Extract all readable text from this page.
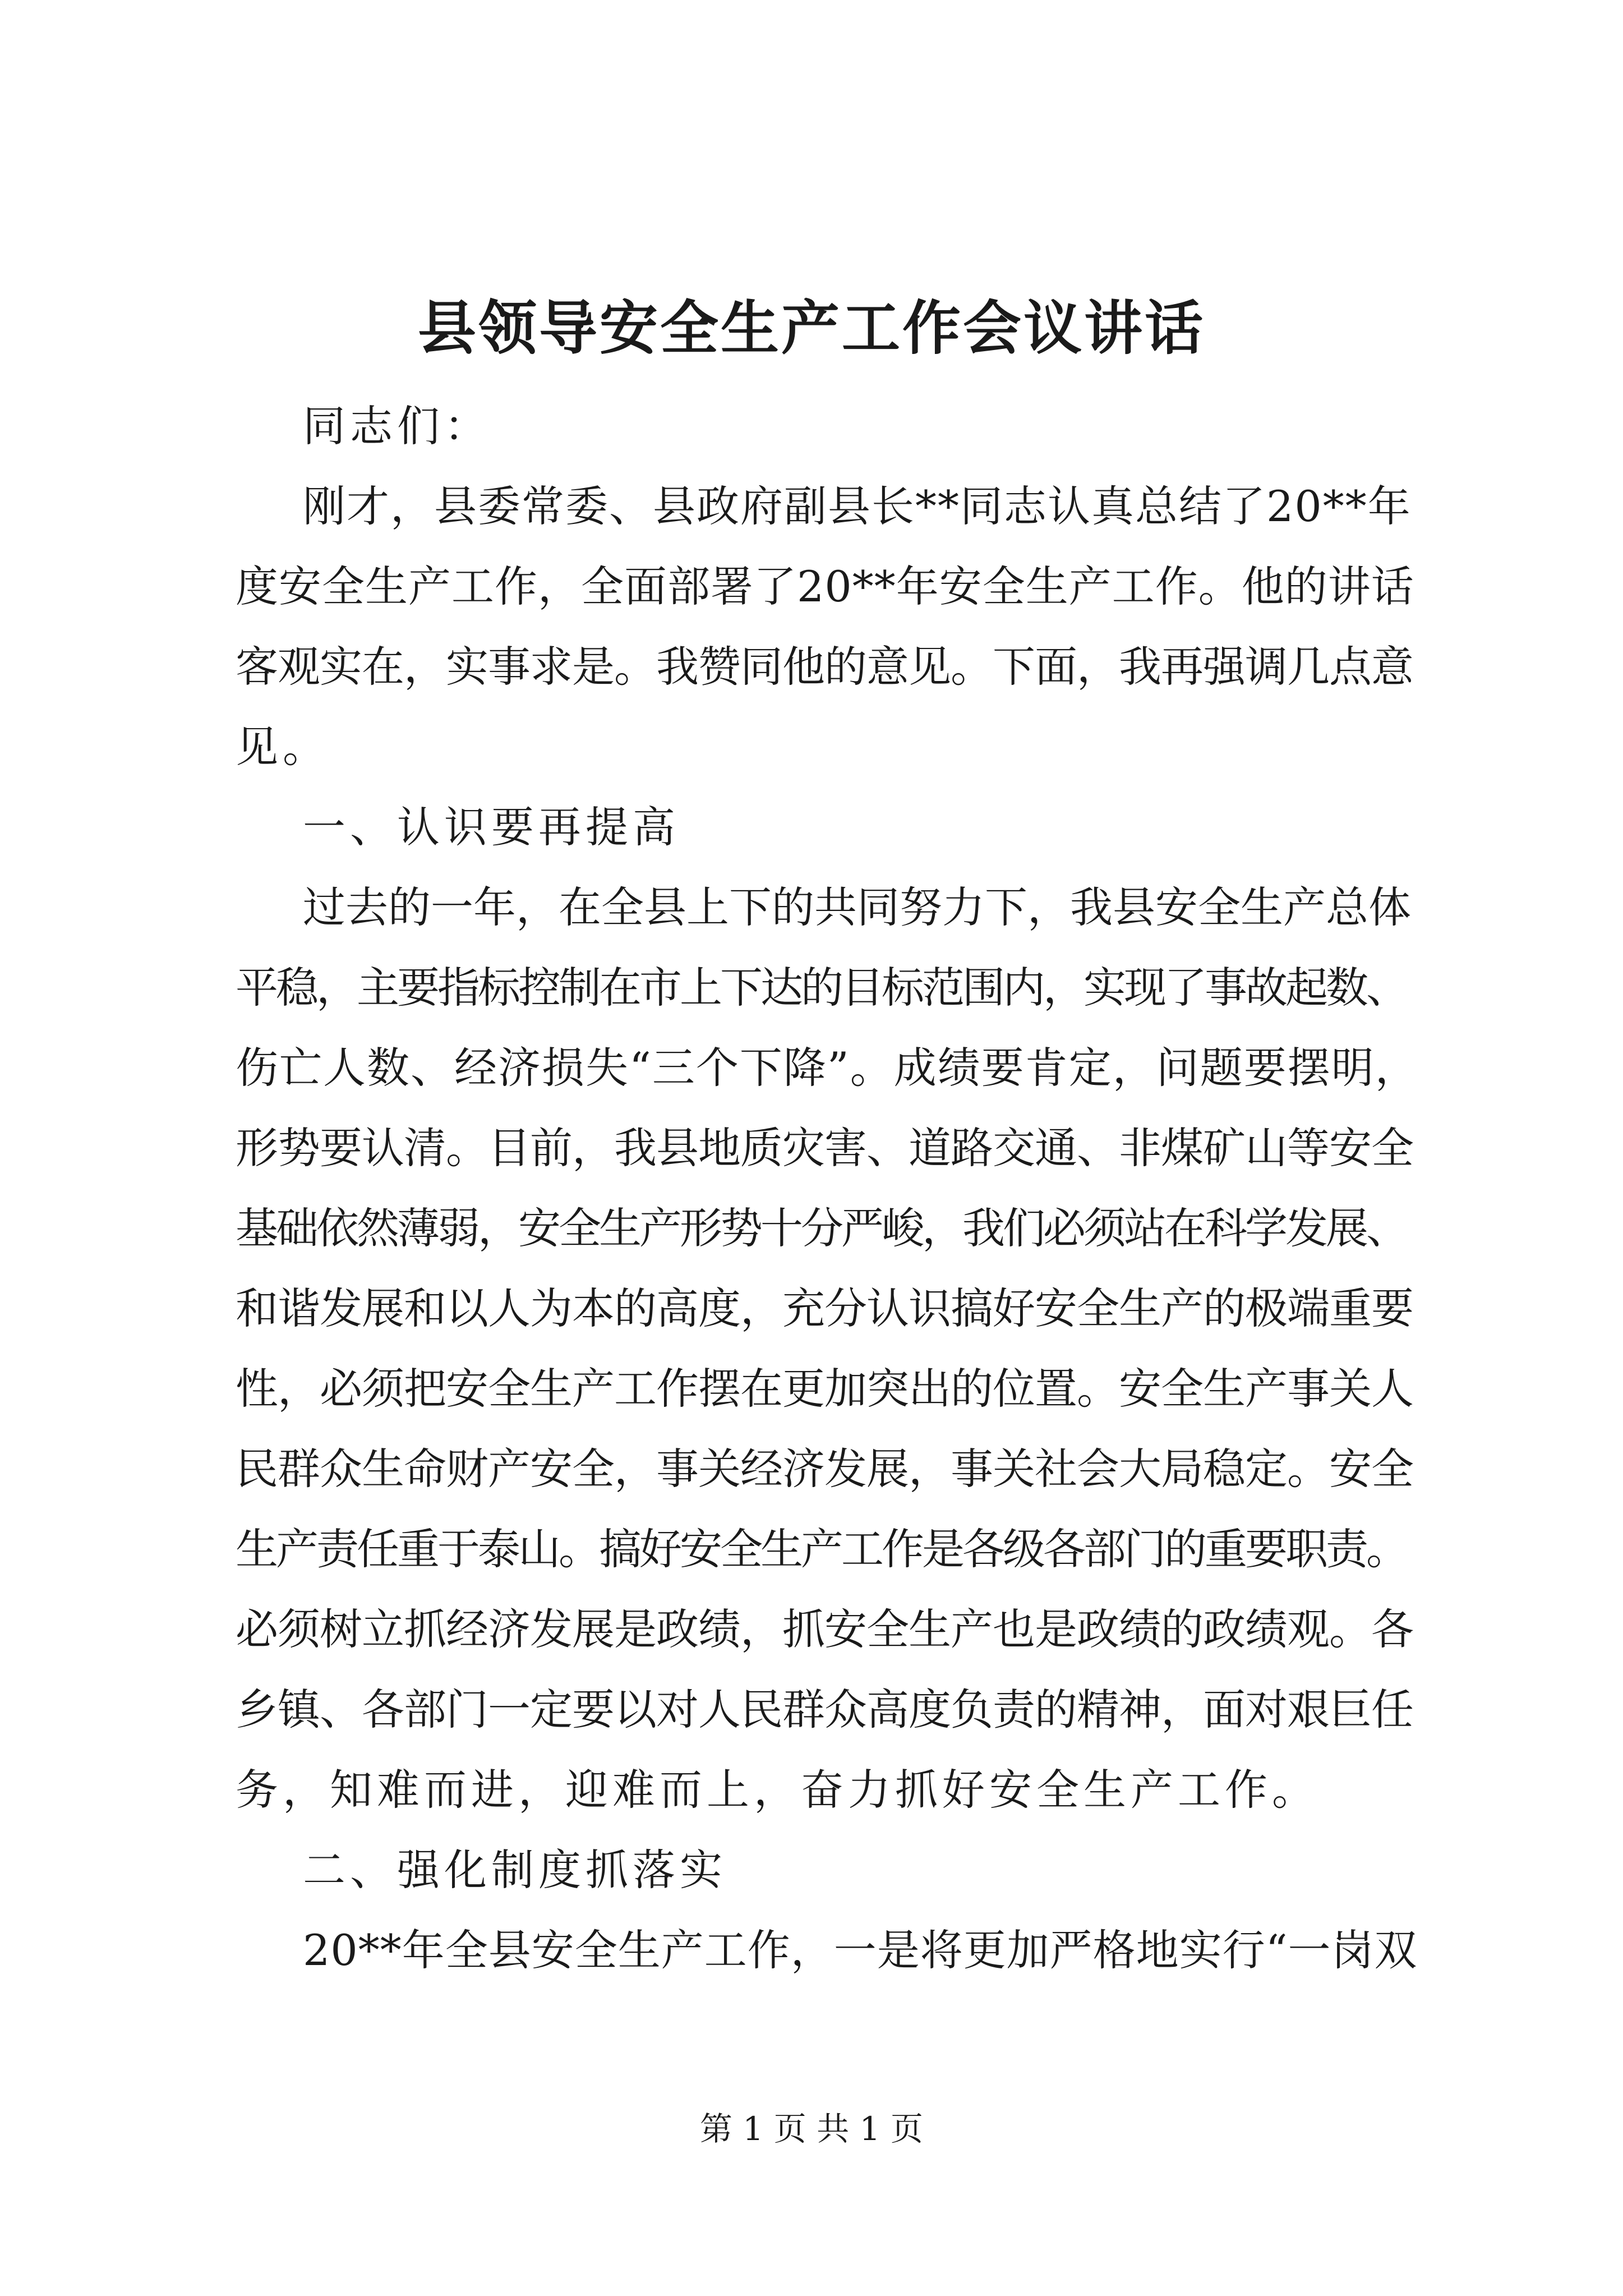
县领导安全生产工作会议讲话

同志们：

刚才，县委常委、县政府副县长**同志认真总结了20**年

度安全生产工作，全面部署了20**年安全生产工作。他的讲话

客观实在，实事求是。我赞同他的意见。下面，我再强调几点意

见。

一、认识要再提高

过去的一年，在全县上下的共同努力下，我县安全生产总体

平稳，主要指标控制在市上下达的目标范围内，实现了事故起数、

伤亡人数、经济损失“三个下降”。成绩要肯定，问题要摆明，

形势要认清。目前，我县地质灾害、道路交通、非煤矿山等安全

基础依然薄弱，安全生产形势十分严峻，我们必须站在科学发展、

和谐发展和以人为本的高度，充分认识搞好安全生产的极端重要

性，必须把安全生产工作摆在更加突出的位置。安全生产事关人

民群众生命财产安全，事关经济发展，事关社会大局稳定。安全

生产责任重于泰山。搞好安全生产工作是各级各部门的重要职责。

必须树立抓经济发展是政绩，抓安全生产也是政绩的政绩观。各

乡镇、各部门一定要以对人民群众高度负责的精神，面对艰巨任

务，知难而进，迎难而上，奋力抓好安全生产工作。

二、强化制度抓落实

20**年全县安全生产工作，一是将更加严格地实行“一岗双

第 1 页 共 1 页
